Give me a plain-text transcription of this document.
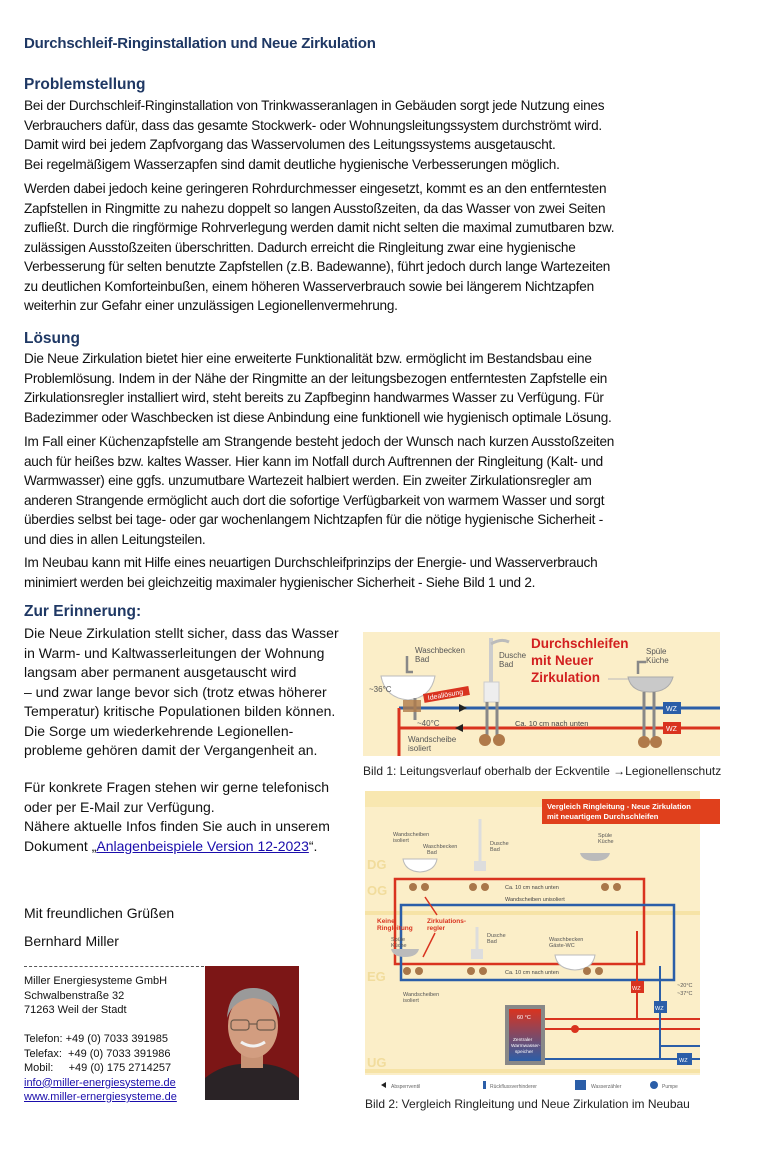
Durchschleif-Ringinstallation und Neue Zirkulation
Problemstellung
Bei der Durchschleif-Ringinstallation von Trinkwasseranlagen in Gebäuden sorgt jede Nutzung eines
Verbrauchers dafür, dass das gesamte Stockwerk- oder Wohnungsleitungssystem durchströmt wird.
Damit wird bei jedem Zapfvorgang das Wasservolumen des Leitungssystems ausgetauscht.
Bei regelmäßigem Wasserzapfen sind damit deutliche hygienische Verbesserungen möglich.
Werden dabei jedoch keine geringeren Rohrdurchmesser eingesetzt, kommt es an den entferntesten
Zapfstellen in Ringmitte zu nahezu doppelt so langen Ausstoßzeiten, da das Wasser von zwei Seiten
zufließt. Durch die ringförmige Rohrverlegung werden damit nicht selten die maximal zumutbaren bzw.
zulässigen Ausstoßzeiten überschritten. Dadurch erreicht die Ringleitung zwar eine hygienische
Verbesserung für selten benutzte Zapfstellen (z.B. Badewanne), führt jedoch durch lange Wartezeiten
zu deutlichen Komforteinbußen, einem höheren Wasserverbrauch sowie bei längerem Nichtzapfen
weiterhin zur Gefahr einer unzulässigen Legionellenvermehrung.
Lösung
Die Neue Zirkulation bietet hier eine erweiterte Funktionalität bzw. ermöglicht im Bestandsbau eine
Problemlösung. Indem in der Nähe der Ringmitte an der leitungsbezogen entferntesten Zapfstelle ein
Zirkulationsregler installiert wird, steht bereits zu Zapfbeginn handwarmes Wasser zu Verfügung. Für
Badezimmer oder Waschbecken ist diese Anbindung eine funktionell wie hygienisch optimale Lösung.
Im Fall einer Küchenzapfstelle am Strangende besteht jedoch der Wunsch nach kurzen Ausstoßzeiten
auch für heißes bzw. kaltes Wasser. Hier kann im Notfall durch Auftrennen der Ringleitung (Kalt- und
Warmwasser) eine ggfs. unzumutbare Wartezeit halbiert werden. Ein zweiter Zirkulationsregler am
anderen Strangende ermöglicht auch dort die sofortige Verfügbarkeit von warmem Wasser und sorgt
überdies selbst bei tage- oder gar wochenlangem Nichtzapfen für die nötige hygienische Sicherheit -
und dies in allen Leitungsteilen.
Im Neubau kann mit Hilfe eines neuartigen Durchschleifprinzips der Energie- und Wasserverbrauch
minimiert werden bei gleichzeitig maximaler hygienischer Sicherheit - Siehe Bild 1 und 2.
Zur Erinnerung:
Die Neue Zirkulation stellt sicher, dass das Wasser
in Warm- und Kaltwasserleitungen der Wohnung
langsam aber permanent ausgetauscht wird
– und zwar lange bevor sich (trotz etwas höherer
Temperatur) kritische Populationen bilden können.
Die Sorge um wiederkehrende Legionellen-
probleme gehören damit der Vergangenheit an.
Für konkrete Fragen stehen wir gerne telefonisch
oder per E-Mail zur Verfügung.
Nähere aktuelle Infos finden Sie auch in unserem
Dokument „Anlagenbeispiele Version 12-2023“.
Mit freundlichen Grüßen
Bernhard Miller
Miller Energiesysteme GmbH
Schwalbenstraße 32
71263 Weil der Stadt
Telefon: +49 (0) 7033 391985
Telefax:  +49 (0) 7033 391986
Mobil:     +49 (0) 175 2714257
info@miller-energiesysteme.de
www.miller-ernergiesysteme.de
Waschbecken
Bad
~36°C	Ideallösung
Dusche
Bad
Durchschleifen
mit Neuer
Zirkulation
Spüle
Küche
~40°C	Ca. 10 cm nach unten
Wandscheibe
isoliert
WZ
WZ
Bild 1: Leitungsverlauf oberhalb der Eckventile →Legionellenschutz
Vergleich Ringleitung - Neue Zirkulation
mit neuartigem Durchschleifen
DG
OG
EG
UG
Wandscheiben
isoliert
Waschbecken
Bad
Dusche
Bad
Spüle
Küche
Ca. 10 cm nach unten
Wandscheiben unisoliert
Keine
Ringleitung
Zirkulations-
regler
Spüle
Küche
Dusche
Bad	Waschbecken
Gäste-WC
Ca. 10 cm nach unten
Wandscheiben
isoliert
60 °C
Zentraler
Warmwasser-
speicher
WZ
WZ
WZ
~20°C
~37°C
Absperrventil	Rückflussverhinderer	Wasserzähler	Pumpe
Bild 2: Vergleich Ringleitung und Neue Zirkulation im Neubau
